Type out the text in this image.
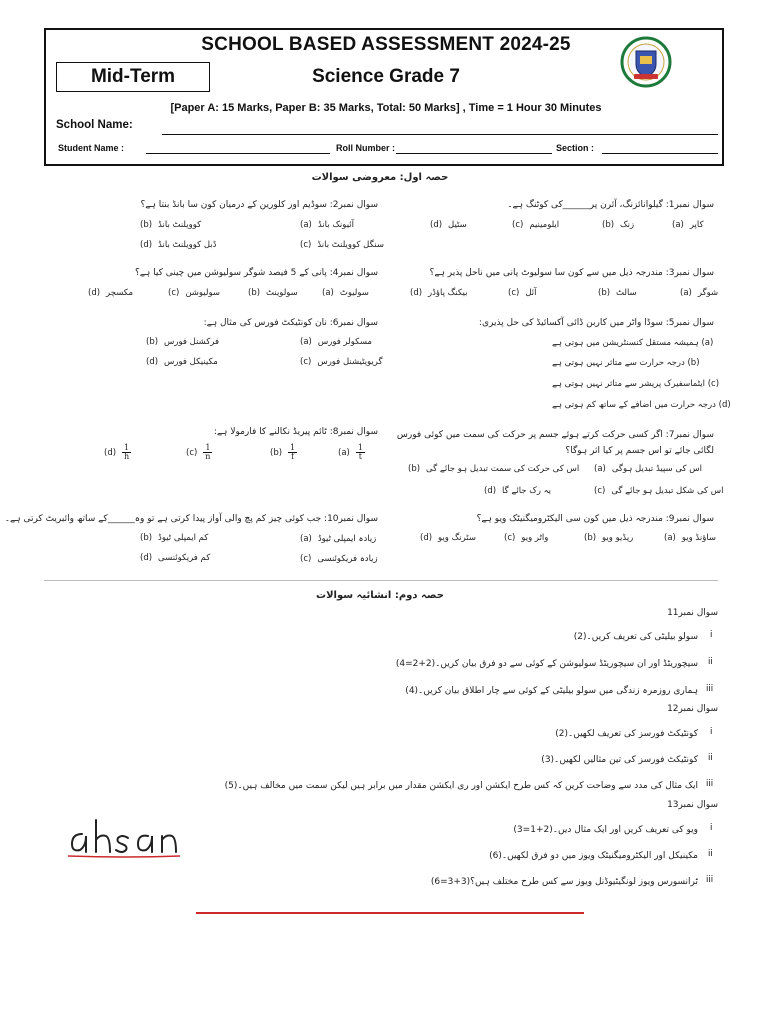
SCHOOL BASED ASSESSMENT 2024-25
Mid-Term	Science Grade 7
[Paper A: 15 Marks, Paper B: 35 Marks, Total: 50 Marks] , Time = 1 Hour 30 Minutes
School Name:
Student Name :	Roll Number :	Section :
حصہ اول: معروضی سوالات
سوال نمبر1: گیلوانائزنگ، آئرن پر______کی کوٹنگ ہے۔
(a) کاپر
(b) زنک
(c) ایلومینیم
(d) سٹیل
سوال نمبر2: سوڈیم اور کلورین کے درمیان کون سا بانڈ بنتا ہے؟
(a) آئیونک بانڈ
(b) کوویلنٹ بانڈ
(c) سنگل کوویلنٹ بانڈ
(d) ڈبل کوویلنٹ بانڈ
سوال نمبر3: مندرجہ ذیل میں سے کون سا سولیوٹ پانی میں ناحل پذیر ہے؟
(a) شوگر
(b) سالٹ
(c) آئل
(d) بیکنگ پاؤڈر
سوال نمبر4: پانی کے 5 فیصد شوگر سولیوشن میں چینی کیا ہے؟
(a) سولیوٹ
(b) سولوینٹ
(c) سولیوشن
(d) مکسچر
سوال نمبر5: سوڈا واٹر میں کاربن ڈائی آکسائیڈ کی حل پذیری:
ہمیشہ مستقل کنسنٹریشن میں ہوتی ہے (a)
درجہ حرارت سے متاثر نہیں ہوتی ہے (b)
ایٹماسفیرک پریشر سے متاثر نہیں ہوتی ہے (c)
درجہ حرارت میں اضافے کے ساتھ کم ہوتی ہے (d)
سوال نمبر6: نان کونٹیکٹ فورس کی مثال ہے:
(a) مسکولر فورس
(b) فرکشنل فورس
(c) گریویٹیشنل فورس
(d) مکینیکل فورس
سوال نمبر7: اگر کسی حرکت کرتے ہوئے جسم پر حرکت کی سمت میں کوئی فورس لگائی جائے تو اس جسم پر کیا اثر ہوگا؟
(a) اس کی سپیڈ تبدیل ہوگی
(b) اس کی حرکت کی سمت تبدیل ہو جائے گی
(c) اس کی شکل تبدیل ہو جائے گی
(d) یہ رک جائے گا
سوال نمبر8: ٹائم پیریڈ نکالنے کا فارمولا ہے:
$(a) \frac{1}{t}$
$(b) \frac{1}{f}$
$(c) \frac{1}{n}$
$(d) \frac{1}{h}$
سوال نمبر9: مندرجہ ذیل میں کون سی الیکٹرومیگنیٹک ویو ہے؟
(a) ساؤنڈ ویو
(b) ریڈیو ویو
(c) واٹر ویو
(d) سٹرنگ ویو
سوال نمبر10: جب کوئی چیز کم پچ والی آواز پیدا کرتی ہے تو وہ______کے ساتھ وائبریٹ کرتی ہے۔
(a) زیادہ ایمپلی ٹیوڈ
(b) کم ایمپلی ٹیوڈ
(c) زیادہ فریکوئنسی
(d) کم فریکوئنسی
حصہ دوم: انشائیہ سوالات
سوال نمبر11
سولو بیلیٹی کی تعریف کریں۔(2) i
سیچوریٹڈ اور ان سیچوریٹڈ سولیوشن کے کوئی سے دو فرق بیان کریں۔(2+2=4) ii
ہماری روزمرہ زندگی میں سولو بیلیٹی کے کوئی سے چار اطلاق بیان کریں۔(4) iii
سوال نمبر12
کونٹیکٹ فورسز کی تعریف لکھیں۔(2) i
کونٹیکٹ فورسز کی تین مثالیں لکھیں۔(3) ii
ایک مثال کی مدد سے وضاحت کریں کہ کس طرح ایکشن اور ری ایکشن مقدار میں برابر ہیں لیکن سمت میں مخالف ہیں۔(5) iii
سوال نمبر13
ویو کی تعریف کریں اور ایک مثال دیں۔(2+1=3) i
مکینیکل اور الیکٹرومیگنیٹک ویوز میں دو فرق لکھیں۔(6) ii
ٹرانسورس ویوز لونگیٹیوڈنل ویوز سے کس طرح مختلف ہیں؟(3+3=6) iii
